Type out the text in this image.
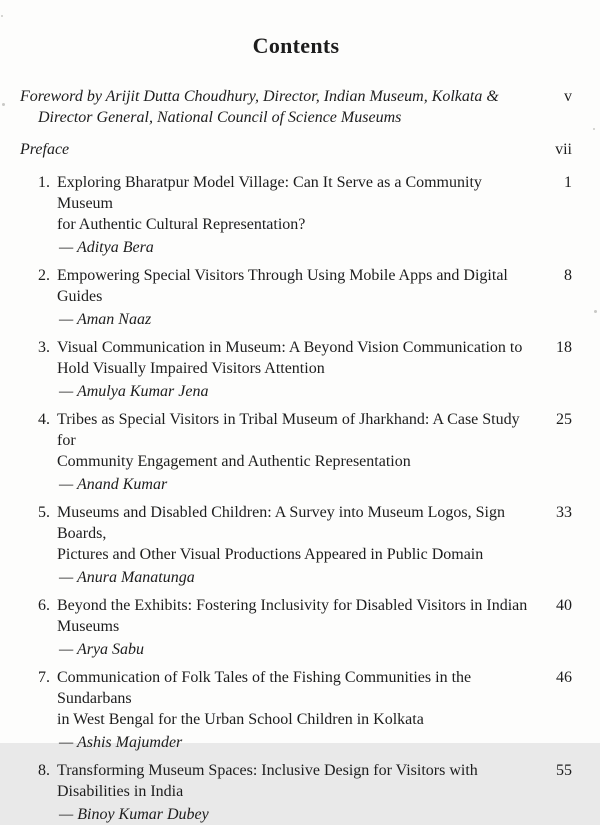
Contents
Foreword by Arijit Dutta Choudhury, Director, Indian Museum, Kolkata &
Director General, National Council of Science Museums
v
Preface	vii
1. Exploring Bharatpur Model Village: Can It Serve as a Community Museum
for Authentic Cultural Representation?
— Aditya Bera
1
2. Empowering Special Visitors Through Using Mobile Apps and Digital Guides
— Aman Naaz
8
3. Visual Communication in Museum: A Beyond Vision Communication to
Hold Visually Impaired Visitors Attention
— Amulya Kumar Jena
18
4. Tribes as Special Visitors in Tribal Museum of Jharkhand: A Case Study for
Community Engagement and Authentic Representation
— Anand Kumar
25
5. Museums and Disabled Children: A Survey into Museum Logos, Sign Boards,
Pictures and Other Visual Productions Appeared in Public Domain
— Anura Manatunga
33
6. Beyond the Exhibits: Fostering Inclusivity for Disabled Visitors in Indian
Museums
— Arya Sabu
40
7. Communication of Folk Tales of the Fishing Communities in the Sundarbans
in West Bengal for the Urban School Children in Kolkata
— Ashis Majumder
46
8. Transforming Museum Spaces: Inclusive Design for Visitors with
Disabilities in India
— Binoy Kumar Dubey
55
